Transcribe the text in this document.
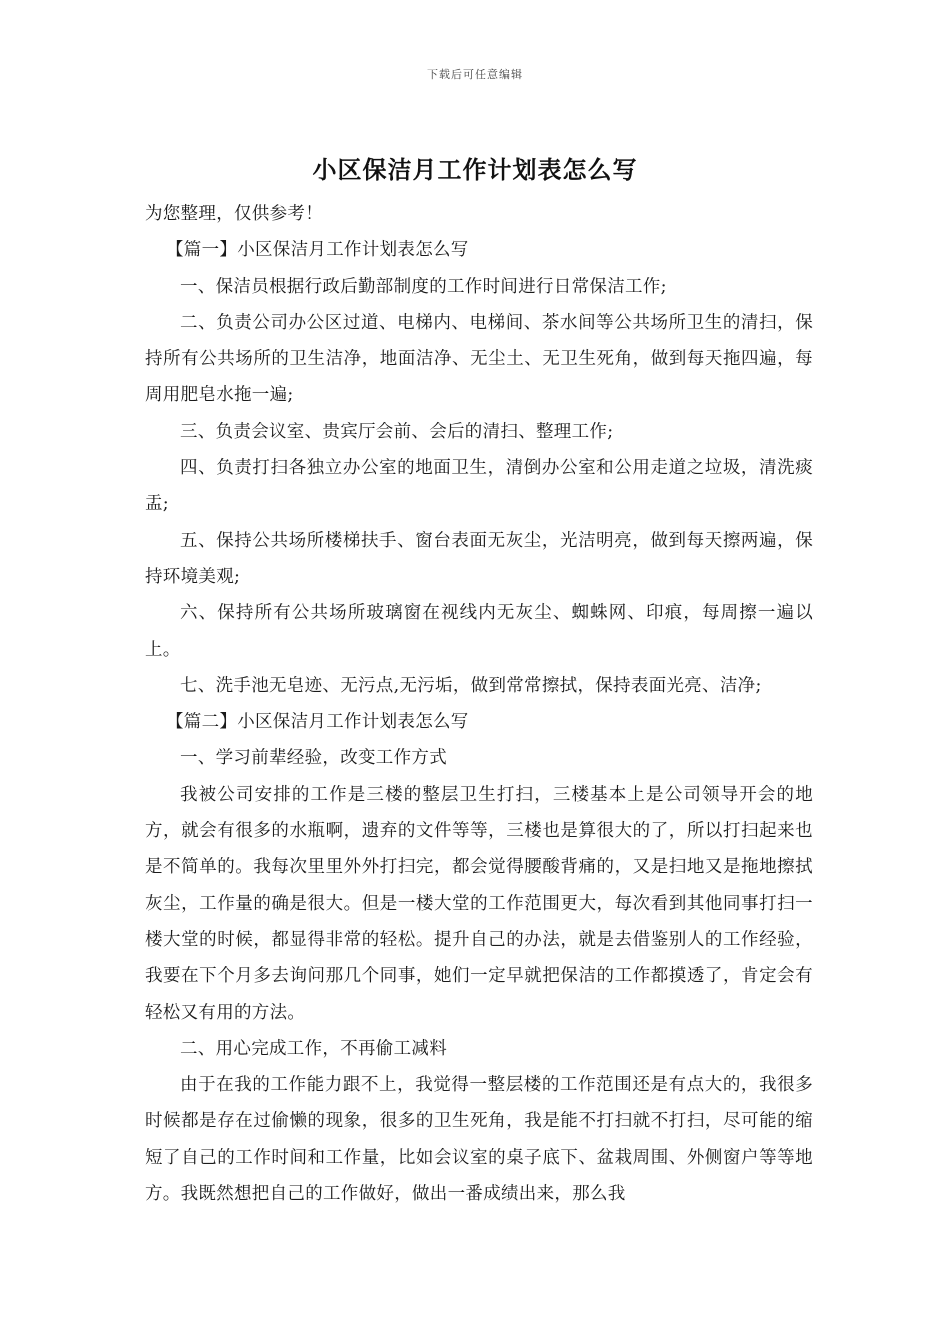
下载后可任意编辑
小区保洁月工作计划表怎么写

为您整理，仅供参考！

【篇一】小区保洁月工作计划表怎么写

一、保洁员根据行政后勤部制度的工作时间进行日常保洁工作;

二、负责公司办公区过道、电梯内、电梯间、茶水间等公共场所卫生的清扫，保持所有公共场所的卫生洁净，地面洁净、无尘土、无卫生死角，做到每天拖四遍，每周用肥皂水拖一遍;

三、负责会议室、贵宾厅会前、会后的清扫、整理工作;

四、负责打扫各独立办公室的地面卫生，清倒办公室和公用走道之垃圾，清洗痰盂;

五、保持公共场所楼梯扶手、窗台表面无灰尘，光洁明亮，做到每天擦两遍，保持环境美观;

六、保持所有公共场所玻璃窗在视线内无灰尘、蜘蛛网、印痕，每周擦一遍以上。

七、洗手池无皂迹、无污点,无污垢，做到常常擦拭，保持表面光亮、洁净;

【篇二】小区保洁月工作计划表怎么写

一、学习前辈经验，改变工作方式

我被公司安排的工作是三楼的整层卫生打扫，三楼基本上是公司领导开会的地方，就会有很多的水瓶啊，遗弃的文件等等，三楼也是算很大的了，所以打扫起来也是不简单的。我每次里里外外打扫完，都会觉得腰酸背痛的，又是扫地又是拖地擦拭灰尘，工作量的确是很大。但是一楼大堂的工作范围更大，每次看到其他同事打扫一楼大堂的时候，都显得非常的轻松。提升自己的办法，就是去借鉴别人的工作经验，我要在下个月多去询问那几个同事，她们一定早就把保洁的工作都摸透了，肯定会有轻松又有用的方法。

二、用心完成工作，不再偷工减料

由于在我的工作能力跟不上，我觉得一整层楼的工作范围还是有点大的，我很多时候都是存在过偷懒的现象，很多的卫生死角，我是能不打扫就不打扫，尽可能的缩短了自己的工作时间和工作量，比如会议室的桌子底下、盆栽周围、外侧窗户等等地方。我既然想把自己的工作做好，做出一番成绩出来，那么我
